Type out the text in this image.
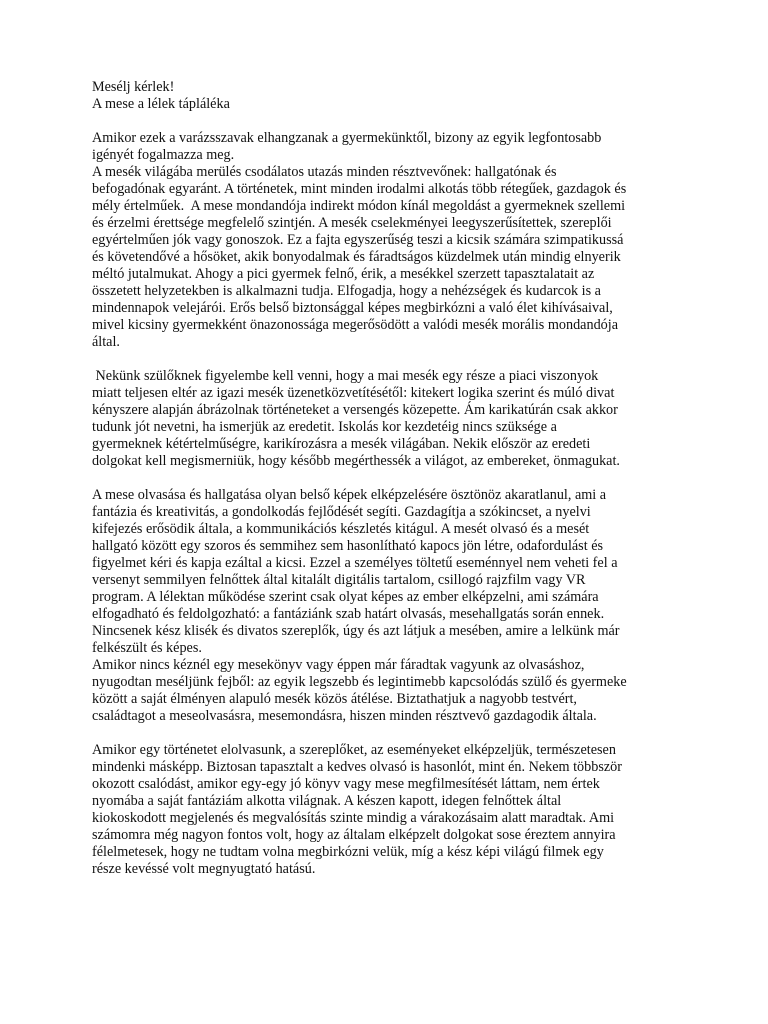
Mesélj kérlek!
A mese a lélek tápláléka
Amikor ezek a varázsszavak elhangzanak a gyermekünktől, bizony az egyik legfontosabb
igényét fogalmazza meg.
A mesék világába merülés csodálatos utazás minden résztvevőnek: hallgatónak és
befogadónak egyaránt. A történetek, mint minden irodalmi alkotás több rétegűek, gazdagok és
mély értelműek.  A mese mondandója indirekt módon kínál megoldást a gyermeknek szellemi
és érzelmi érettsége megfelelő szintjén. A mesék cselekményei leegyszerűsítettek, szereplői
egyértelműen jók vagy gonoszok. Ez a fajta egyszerűség teszi a kicsik számára szimpatikussá
és követendővé a hősöket, akik bonyodalmak és fáradtságos küzdelmek után mindig elnyerik
méltó jutalmukat. Ahogy a pici gyermek felnő, érik, a mesékkel szerzett tapasztalatait az
összetett helyzetekben is alkalmazni tudja. Elfogadja, hogy a nehézségek és kudarcok is a
mindennapok velejárói. Erős belső biztonsággal képes megbirkózni a való élet kihívásaival,
mivel kicsiny gyermekként önazonossága megerősödött a valódi mesék morális mondandója
által.
Nekünk szülőknek figyelembe kell venni, hogy a mai mesék egy része a piaci viszonyok
miatt teljesen eltér az igazi mesék üzenetközvetítésétől: kitekert logika szerint és múló divat
kényszere alapján ábrázolnak történeteket a versengés közepette. Ám karikatúrán csak akkor
tudunk jót nevetni, ha ismerjük az eredetit. Iskolás kor kezdetéig nincs szüksége a
gyermeknek kétértelműségre, karikírozásra a mesék világában. Nekik először az eredeti
dolgokat kell megismerniük, hogy később megérthessék a világot, az embereket, önmagukat.
A mese olvasása és hallgatása olyan belső képek elképzelésére ösztönöz akaratlanul, ami a
fantázia és kreativitás, a gondolkodás fejlődését segíti. Gazdagítja a szókincset, a nyelvi
kifejezés erősödik általa, a kommunikációs készletés kitágul. A mesét olvasó és a mesét
hallgató között egy szoros és semmihez sem hasonlítható kapocs jön létre, odafordulást és
figyelmet kéri és kapja ezáltal a kicsi. Ezzel a személyes töltetű eseménnyel nem veheti fel a
versenyt semmilyen felnőttek által kitalált digitális tartalom, csillogó rajzfilm vagy VR
program. A lélektan működése szerint csak olyat képes az ember elképzelni, ami számára
elfogadható és feldolgozható: a fantáziánk szab határt olvasás, mesehallgatás során ennek.
Nincsenek kész klisék és divatos szereplők, úgy és azt látjuk a mesében, amire a lelkünk már
felkészült és képes.
Amikor nincs kéznél egy mesekönyv vagy éppen már fáradtak vagyunk az olvasáshoz,
nyugodtan meséljünk fejből: az egyik legszebb és legintimebb kapcsolódás szülő és gyermeke
között a saját élményen alapuló mesék közös átélése. Biztathatjuk a nagyobb testvért,
családtagot a meseolvasásra, mesemondásra, hiszen minden résztvevő gazdagodik általa.
Amikor egy történetet elolvasunk, a szereplőket, az eseményeket elképzeljük, természetesen
mindenki másképp. Biztosan tapasztalt a kedves olvasó is hasonlót, mint én. Nekem többször
okozott csalódást, amikor egy-egy jó könyv vagy mese megfilmesítését láttam, nem értek
nyomába a saját fantáziám alkotta világnak. A készen kapott, idegen felnőttek által
kiokoskodott megjelenés és megvalósítás szinte mindig a várakozásaim alatt maradtak. Ami
számomra még nagyon fontos volt, hogy az általam elképzelt dolgokat sose éreztem annyira
félelmetesek, hogy ne tudtam volna megbirkózni velük, míg a kész képi világú filmek egy
része kevéssé volt megnyugtató hatású.
